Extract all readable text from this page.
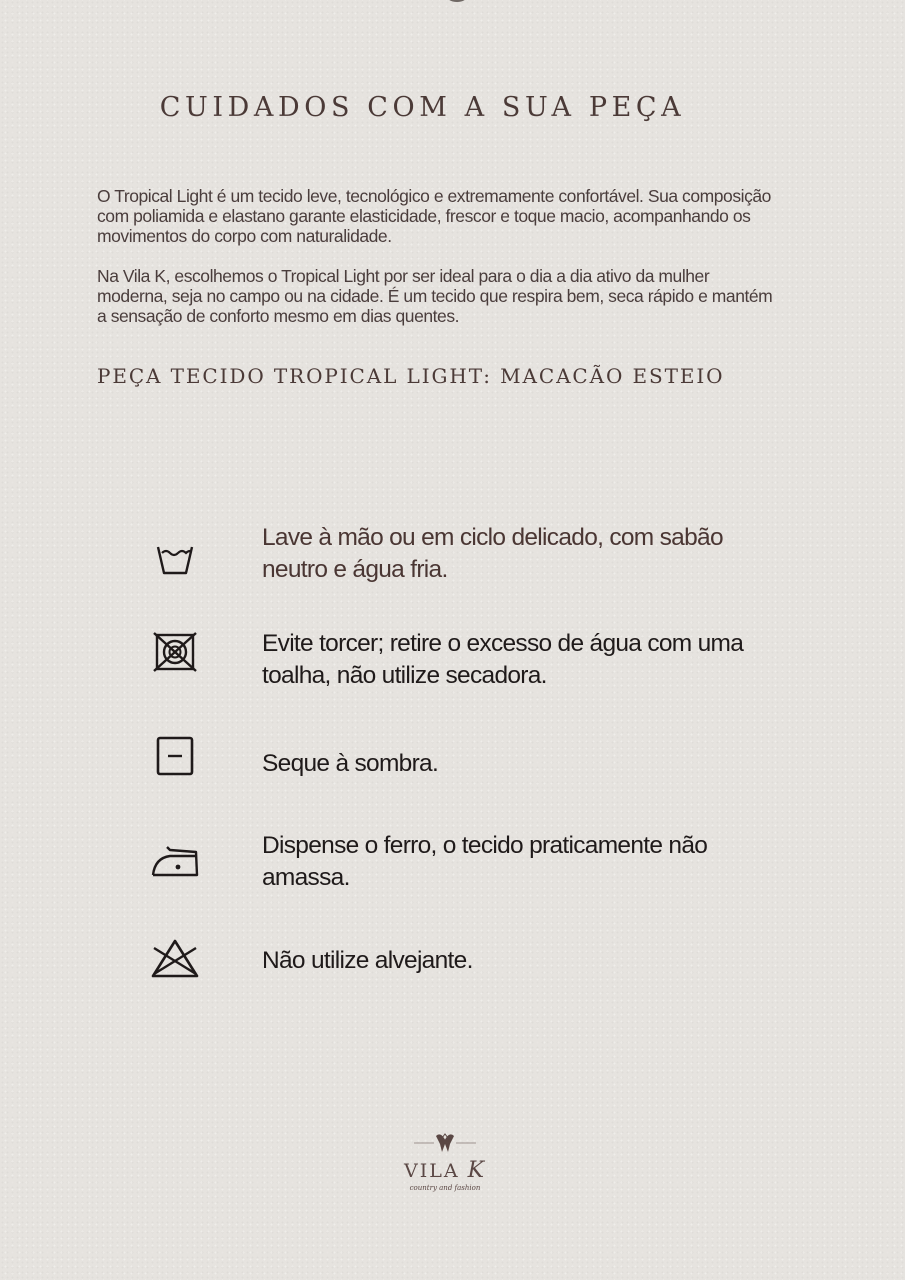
CUIDADOS COM A SUA PEÇA

O Tropical Light é um tecido leve, tecnológico e extremamente confortável. Sua composição com poliamida e elastano garante elasticidade, frescor e toque macio, acompanhando os movimentos do corpo com naturalidade.

Na Vila K, escolhemos o Tropical Light por ser ideal para o dia a dia ativo da mulher moderna, seja no campo ou na cidade. É um tecido que respira bem, seca rápido e mantém a sensação de conforto mesmo em dias quentes.

PEÇA TECIDO TROPICAL LIGHT: MACACÃO ESTEIO

Lave à mão ou em ciclo delicado, com sabão neutro e água fria.

Evite torcer; retire o excesso de água com uma toalha, não utilize secadora.

Seque à sombra.

Dispense o ferro, o tecido praticamente não amassa.

Não utilize alvejante.

VILA K
country and fashion
